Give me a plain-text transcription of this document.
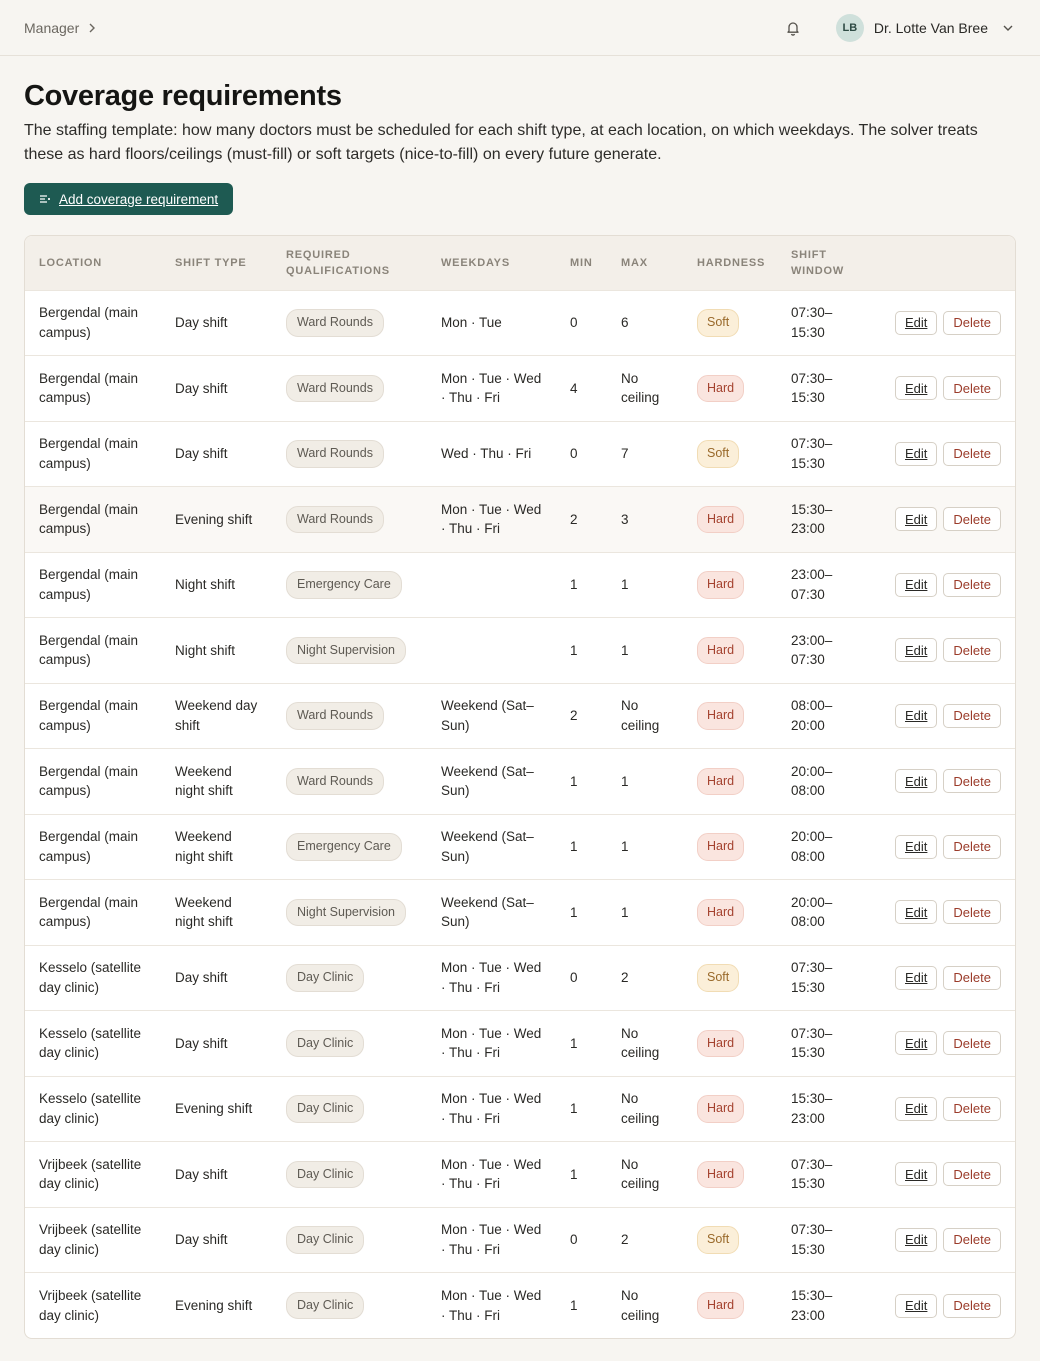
Manager	LB	Dr. Lotte Van Bree
Coverage requirements

The staffing template: how many doctors must be scheduled for each shift type, at each location, on which weekdays. The solver treats these as hard floors/ceilings (must-fill) or soft targets (nice-to-fill) on every future generate.

Add coverage requirement
LOCATION	SHIFT TYPE	REQUIRED QUALIFICATIONS	WEEKDAYS	MIN	MAX	HARDNESS	SHIFT WINDOW	
Bergendal (main campus)	Day shift	Ward Rounds	Mon · Tue	0	6	Soft	07:30–15:30	Edit Delete

Bergendal (main campus)	Day shift	Ward Rounds	Mon · Tue · Wed · Thu · Fri	4	No ceiling	Hard	07:30–15:30	Edit Delete

Bergendal (main campus)	Day shift	Ward Rounds	Wed · Thu · Fri	0	7	Soft	07:30–15:30	Edit Delete

Bergendal (main campus)	Evening shift	Ward Rounds	Mon · Tue · Wed · Thu · Fri	2	3	Hard	15:30–23:00	Edit Delete

Bergendal (main campus)	Night shift	Emergency Care		1	1	Hard	23:00–07:30	Edit Delete

Bergendal (main campus)	Night shift	Night Supervision		1	1	Hard	23:00–07:30	Edit Delete

Bergendal (main campus)	Weekend day shift	Ward Rounds	Weekend (Sat–Sun)	2	No ceiling	Hard	08:00–20:00	Edit Delete

Bergendal (main campus)	Weekend night shift	Ward Rounds	Weekend (Sat–Sun)	1	1	Hard	20:00–08:00	Edit Delete

Bergendal (main campus)	Weekend night shift	Emergency Care	Weekend (Sat–Sun)	1	1	Hard	20:00–08:00	Edit Delete

Bergendal (main campus)	Weekend night shift	Night Supervision	Weekend (Sat–Sun)	1	1	Hard	20:00–08:00	Edit Delete

Kesselo (satellite day clinic)	Day shift	Day Clinic	Mon · Tue · Wed · Thu · Fri	0	2	Soft	07:30–15:30	Edit Delete

Kesselo (satellite day clinic)	Day shift	Day Clinic	Mon · Tue · Wed · Thu · Fri	1	No ceiling	Hard	07:30–15:30	Edit Delete

Kesselo (satellite day clinic)	Evening shift	Day Clinic	Mon · Tue · Wed · Thu · Fri	1	No ceiling	Hard	15:30–23:00	Edit Delete

Vrijbeek (satellite day clinic)	Day shift	Day Clinic	Mon · Tue · Wed · Thu · Fri	1	No ceiling	Hard	07:30–15:30	Edit Delete

Vrijbeek (satellite day clinic)	Day shift	Day Clinic	Mon · Tue · Wed · Thu · Fri	0	2	Soft	07:30–15:30	Edit Delete

Vrijbeek (satellite day clinic)	Evening shift	Day Clinic	Mon · Tue · Wed · Thu · Fri	1	No ceiling	Hard	15:30–23:00	Edit Delete
